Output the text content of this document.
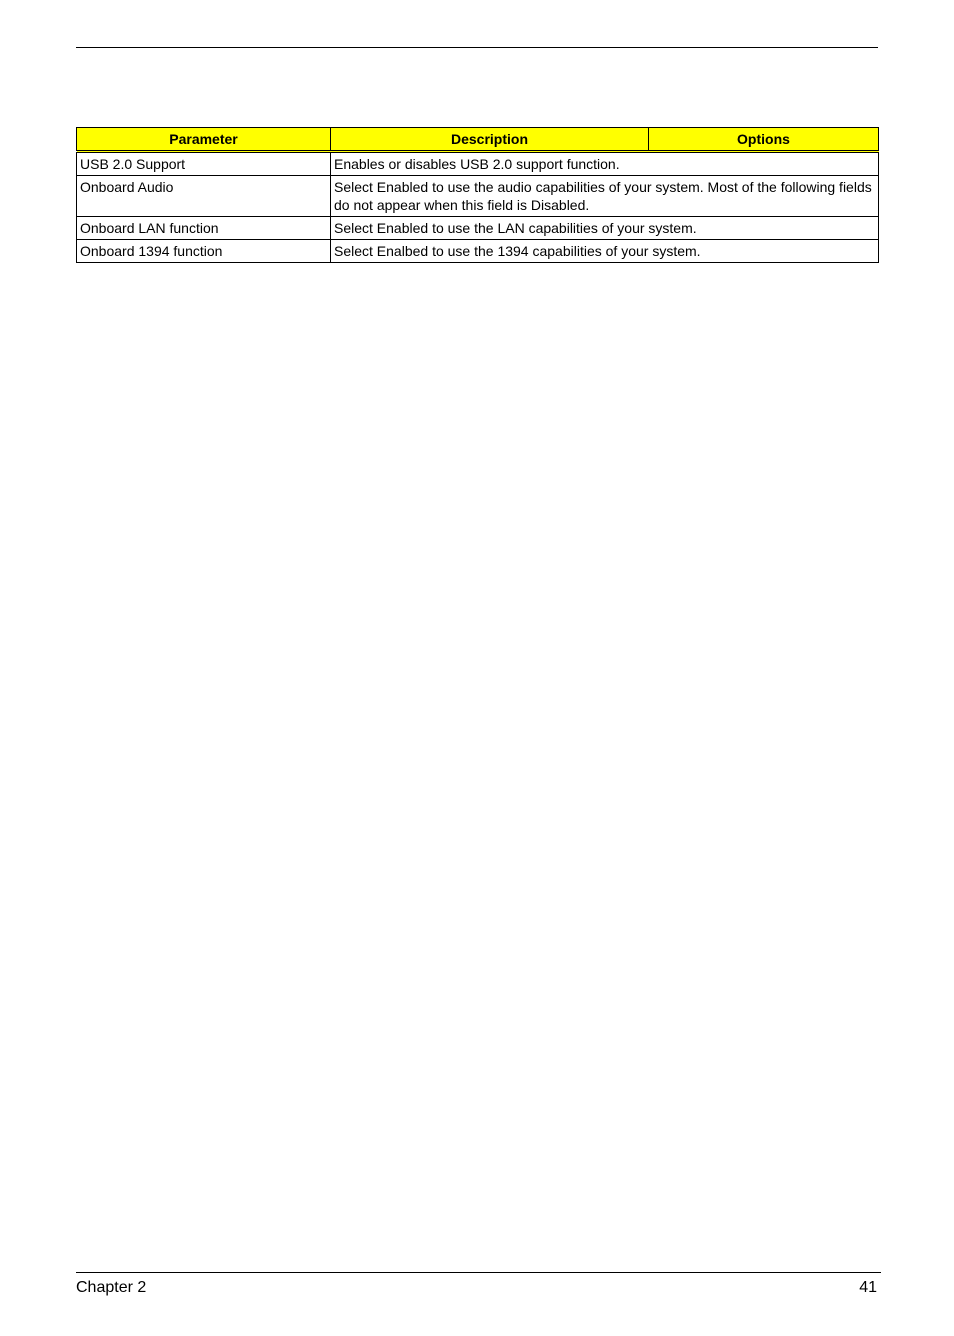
Parameter	Description	Options
USB 2.0 Support	Enables or disables USB 2.0 support function.	
Onboard Audio	Select Enabled to use the audio capabilities of your system. Most of the following fields do not appear when this field is Disabled.	
Onboard LAN function	Select Enabled to use the LAN capabilities of your system.	
Onboard 1394 function	Select Enalbed to use the 1394 capabilities of your system.	
Chapter 2	41
